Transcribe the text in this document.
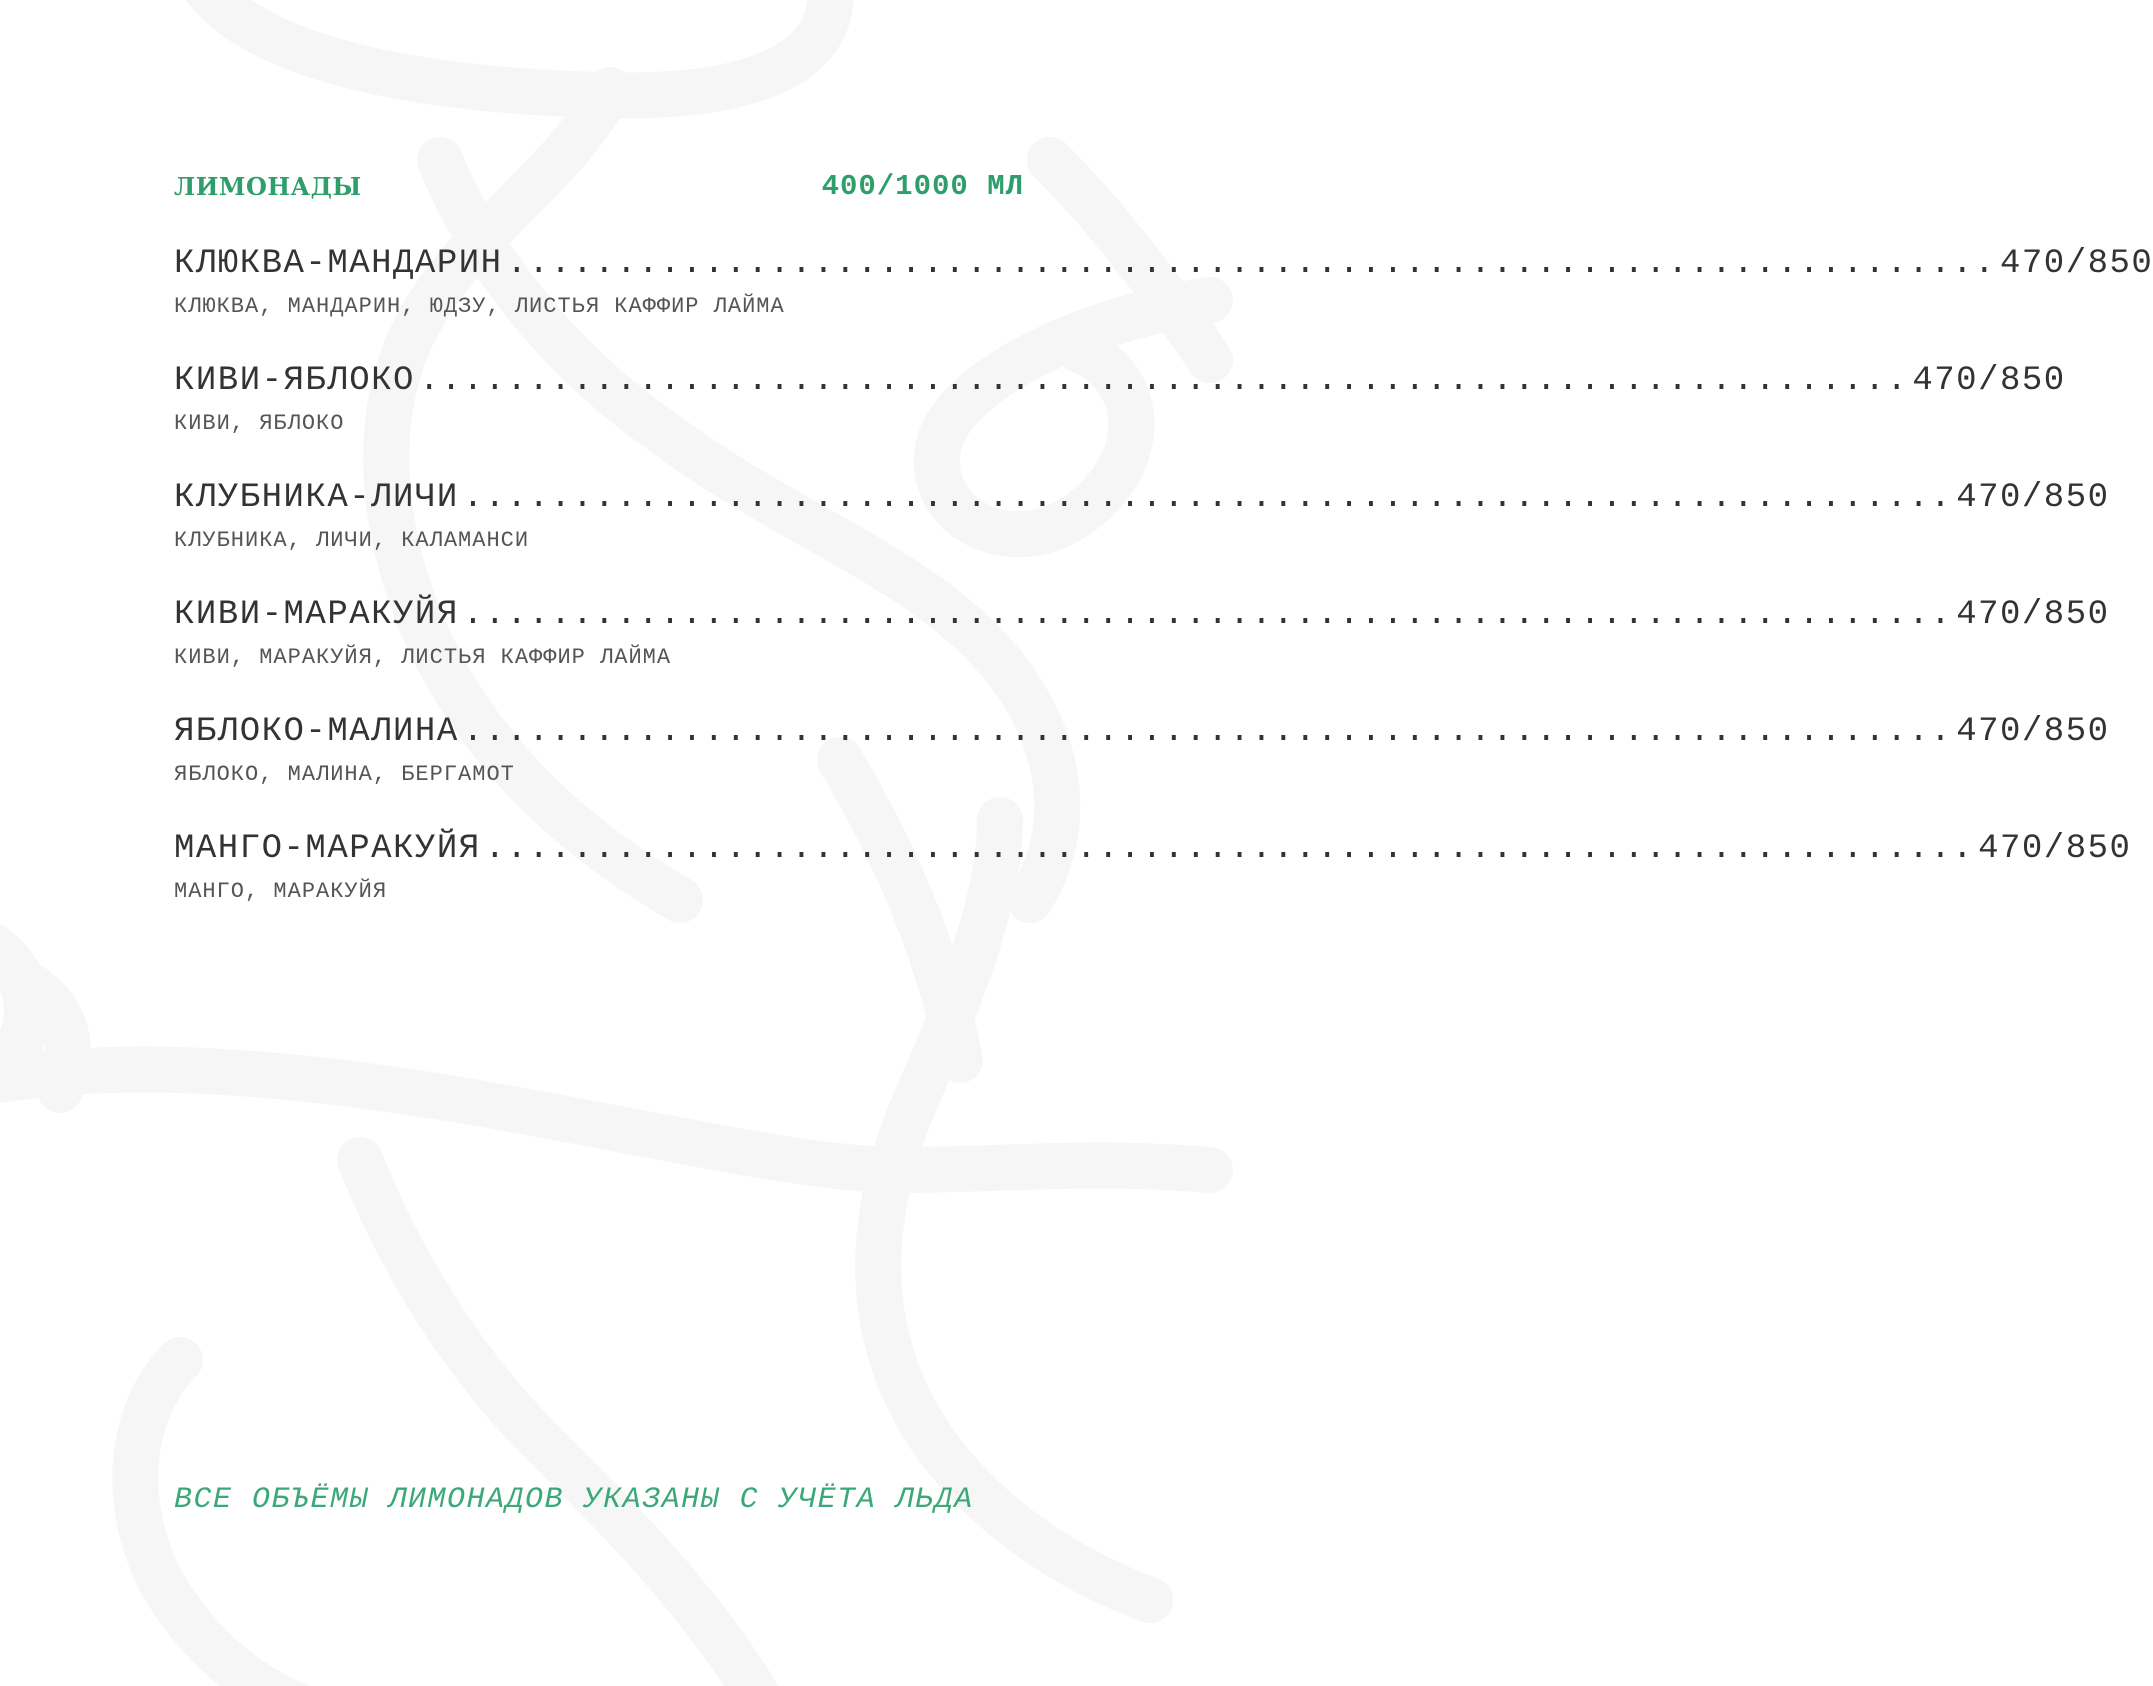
ЛИМОНАДЫ	400/1000 МЛ
КЛЮКВА-МАНДАРИН .................................................................... 470/850
КЛЮКВА, МАНДАРИН, ЮДЗУ, ЛИСТЬЯ КАФФИР ЛАЙМА
КИВИ-ЯБЛОКО .................................................................... 470/850
КИВИ, ЯБЛОКО
КЛУБНИКА-ЛИЧИ .................................................................... 470/850
КЛУБНИКА, ЛИЧИ, КАЛАМАНСИ
КИВИ-МАРАКУЙЯ .................................................................... 470/850
КИВИ, МАРАКУЙЯ, ЛИСТЬЯ КАФФИР ЛАЙМА
ЯБЛОКО-МАЛИНА .................................................................... 470/850
ЯБЛОКО, МАЛИНА, БЕРГАМОТ
МАНГО-МАРАКУЙЯ .................................................................... 470/850
МАНГО, МАРАКУЙЯ
ВСЕ ОБЪЁМЫ ЛИМОНАДОВ УКАЗАНЫ С УЧЁТА ЛЬДА
